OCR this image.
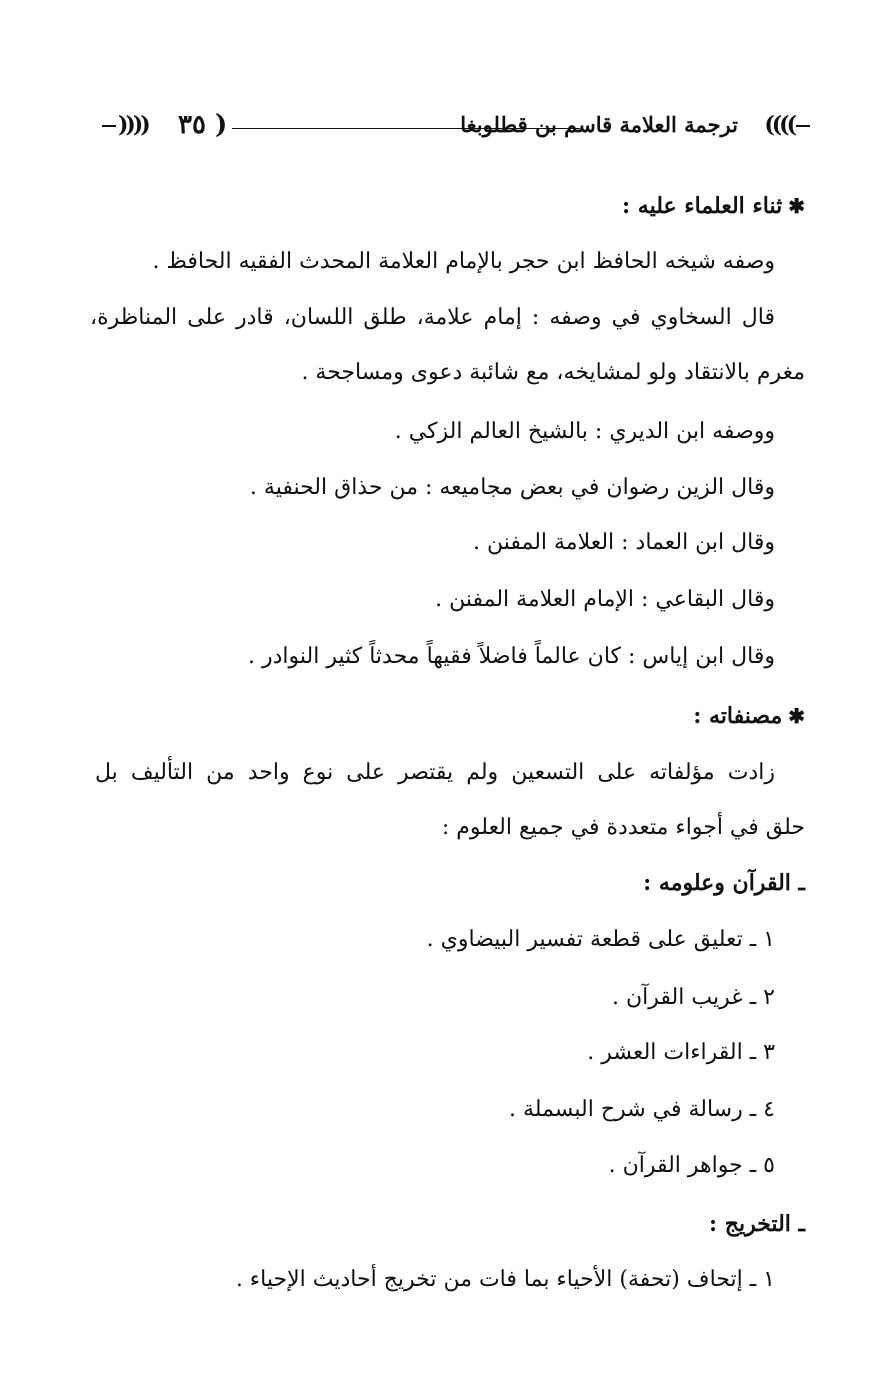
((((
ترجمة العلامة قاسم بن قطلوبغا
) ٣٥
))))
✱ثناء العلماء عليه :
وصفه شيخه الحافظ ابن حجر بالإمام العلامة المحدث الفقيه الحافظ .
قال السخاوي في وصفه : إمام علامة، طلق اللسان، قادر على المناظرة،
مغرم بالانتقاد ولو لمشايخه، مع شائبة دعوى ومساجحة .
ووصفه ابن الديري : بالشيخ العالم الزكي .
وقال الزين رضوان في بعض مجاميعه : من حذاق الحنفية .
وقال ابن العماد : العلامة المفنن .
وقال البقاعي : الإمام العلامة المفنن .
وقال ابن إياس : كان عالماً فاضلاً فقيهاً محدثاً كثير النوادر .
✱مصنفاته :
زادت مؤلفاته على التسعين ولم يقتصر على نوع واحد من التأليف بل
حلق في أجواء متعددة في جميع العلوم :
ـ القرآن وعلومه :
١ ـ تعليق على قطعة تفسير البيضاوي .
٢ ـ غريب القرآن .
٣ ـ القراءات العشر .
٤ ـ رسالة في شرح البسملة .
٥ ـ جواهر القرآن .
ـ التخريج :
١ ـ إتحاف (تحفة) الأحياء بما فات من تخريج أحاديث الإحياء .
